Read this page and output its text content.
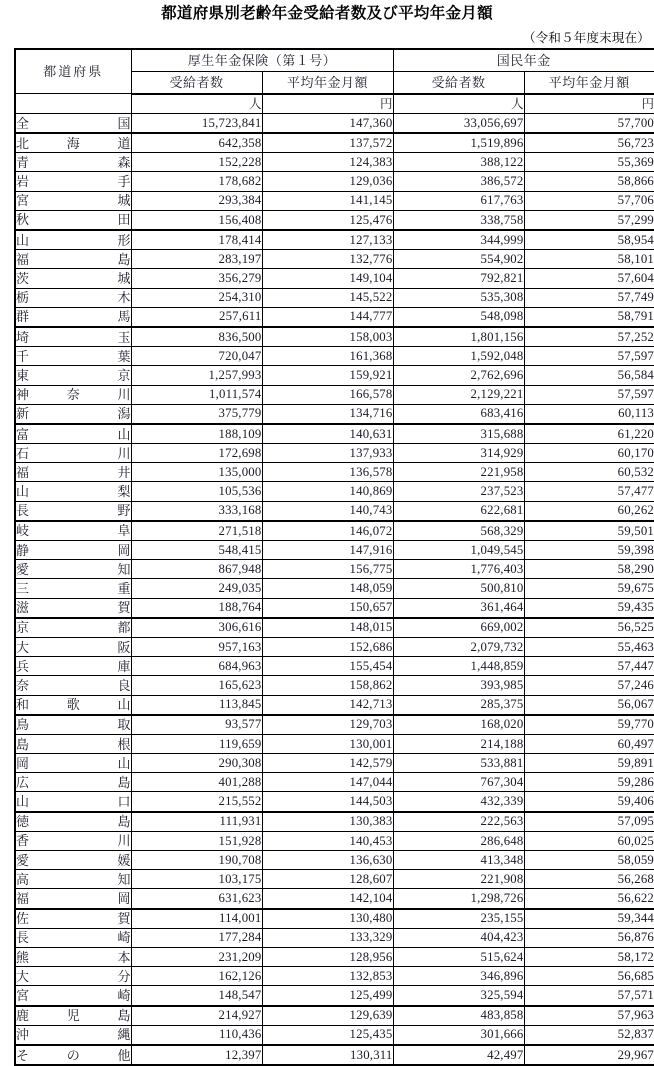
都道府県別老齢年金受給者数及び平均年金月額
（令和５年度末現在）
都道府県	厚生年金保険（第１号）		国民年金	
	受給者数	平均年金月額	受給者数	平均年金月額
	人	円	人	円

全 国	15,723,841	147,360	33,056,697	57,700

北 海 道	642,358	137,572	1,519,896	56,723

青 森	152,228	124,383	388,122	55,369

岩 手	178,682	129,036	386,572	58,866

宮 城	293,384	141,145	617,763	57,706

秋 田	156,408	125,476	338,758	57,299

山 形	178,414	127,133	344,999	58,954

福 島	283,197	132,776	554,902	58,101

茨 城	356,279	149,104	792,821	57,604

栃 木	254,310	145,522	535,308	57,749

群 馬	257,611	144,777	548,098	58,791

埼 玉	836,500	158,003	1,801,156	57,252

千 葉	720,047	161,368	1,592,048	57,597

東 京	1,257,993	159,921	2,762,696	56,584

神 奈 川	1,011,574	166,578	2,129,221	57,597

新 潟	375,779	134,716	683,416	60,113

富 山	188,109	140,631	315,688	61,220

石 川	172,698	137,933	314,929	60,170

福 井	135,000	136,578	221,958	60,532

山 梨	105,536	140,869	237,523	57,477

長 野	333,168	140,743	622,681	60,262

岐 阜	271,518	146,072	568,329	59,501

静 岡	548,415	147,916	1,049,545	59,398

愛 知	867,948	156,775	1,776,403	58,290

三 重	249,035	148,059	500,810	59,675

滋 賀	188,764	150,657	361,464	59,435

京 都	306,616	148,015	669,002	56,525

大 阪	957,163	152,686	2,079,732	55,463

兵 庫	684,963	155,454	1,448,859	57,447

奈 良	165,623	158,862	393,985	57,246

和 歌 山	113,845	142,713	285,375	56,067

鳥 取	93,577	129,703	168,020	59,770

島 根	119,659	130,001	214,188	60,497

岡 山	290,308	142,579	533,881	59,891

広 島	401,288	147,044	767,304	59,286

山 口	215,552	144,503	432,339	59,406

徳 島	111,931	130,383	222,563	57,095

香 川	151,928	140,453	286,648	60,025

愛 媛	190,708	136,630	413,348	58,059

高 知	103,175	128,607	221,908	56,268

福 岡	631,623	142,104	1,298,726	56,622

佐 賀	114,001	130,480	235,155	59,344

長 崎	177,284	133,329	404,423	56,876

熊 本	231,209	128,956	515,624	58,172

大 分	162,126	132,853	346,896	56,685

宮 崎	148,547	125,499	325,594	57,571

鹿 児 島	214,927	129,639	483,858	57,963

沖 縄	110,436	125,435	301,666	52,837

そ の 他	12,397	130,311	42,497	29,967
